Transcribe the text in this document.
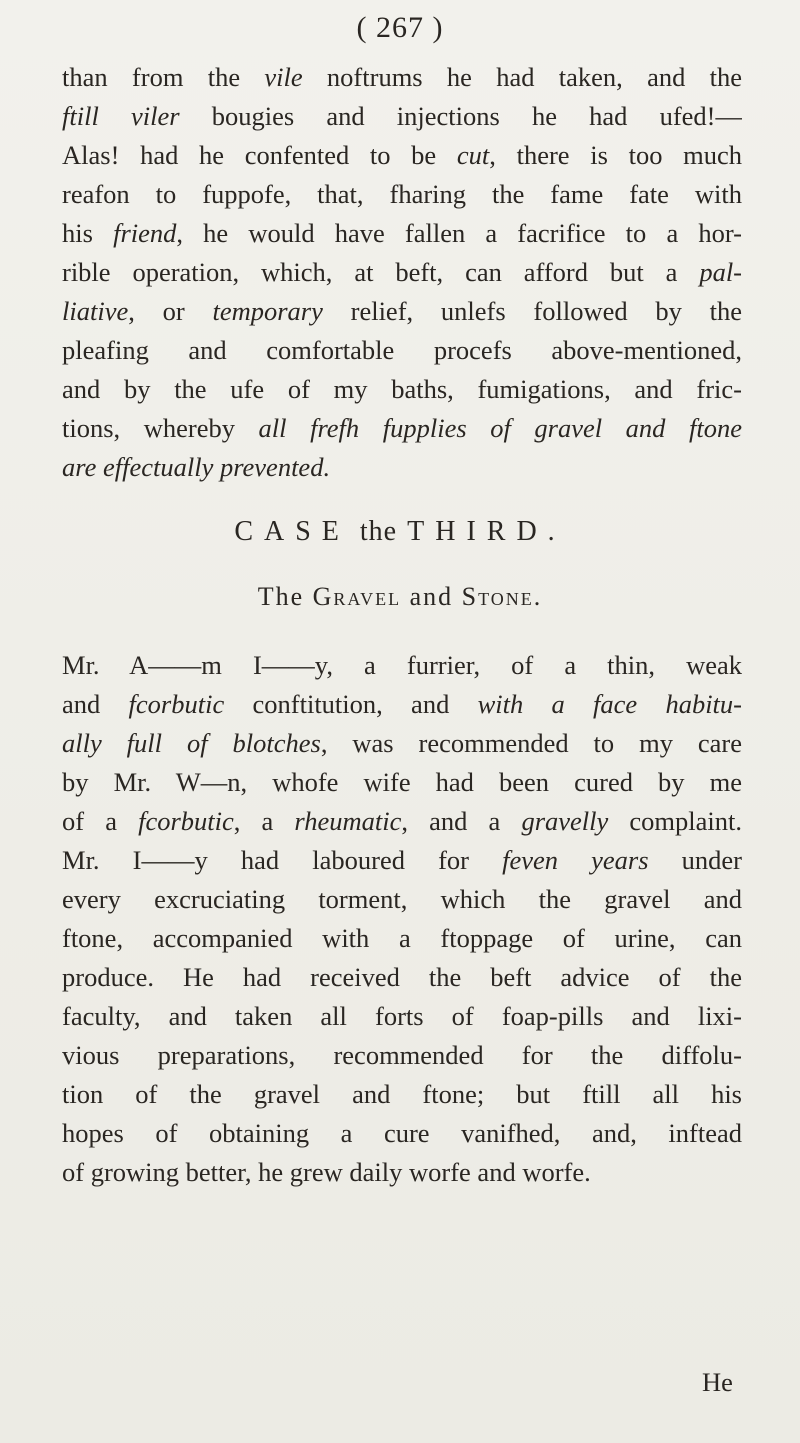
( 267 )
than from the vile noftrums he had taken, and the
ftill viler bougies and injections he had ufed!—
Alas! had he confented to be cut, there is too much
reafon to fuppofe, that, fharing the fame fate with
his friend, he would have fallen a facrifice to a hor-
rible operation, which, at beft, can afford but a pal-
liative, or temporary relief, unlefs followed by the
pleafing and comfortable procefs above-mentioned,
and by the ufe of my baths, fumigations, and fric-
tions, whereby all frefh fupplies of gravel and ftone
are effectually prevented.
CASE the THIRD.
The Gravel and Stone.
Mr. A——m I——y, a furrier, of a thin, weak
and fcorbutic conftitution, and with a face habitu-
ally full of blotches, was recommended to my care
by Mr. W—n, whofe wife had been cured by me
of a fcorbutic, a rheumatic, and a gravelly complaint.
Mr. I——y had laboured for feven years under
every excruciating torment, which the gravel and
ftone, accompanied with a ftoppage of urine, can
produce. He had received the beft advice of the
faculty, and taken all forts of foap-pills and lixi-
vious preparations, recommended for the diffolu-
tion of the gravel and ftone; but ftill all his
hopes of obtaining a cure vanifhed, and, inftead
of growing better, he grew daily worfe and worfe.
He
